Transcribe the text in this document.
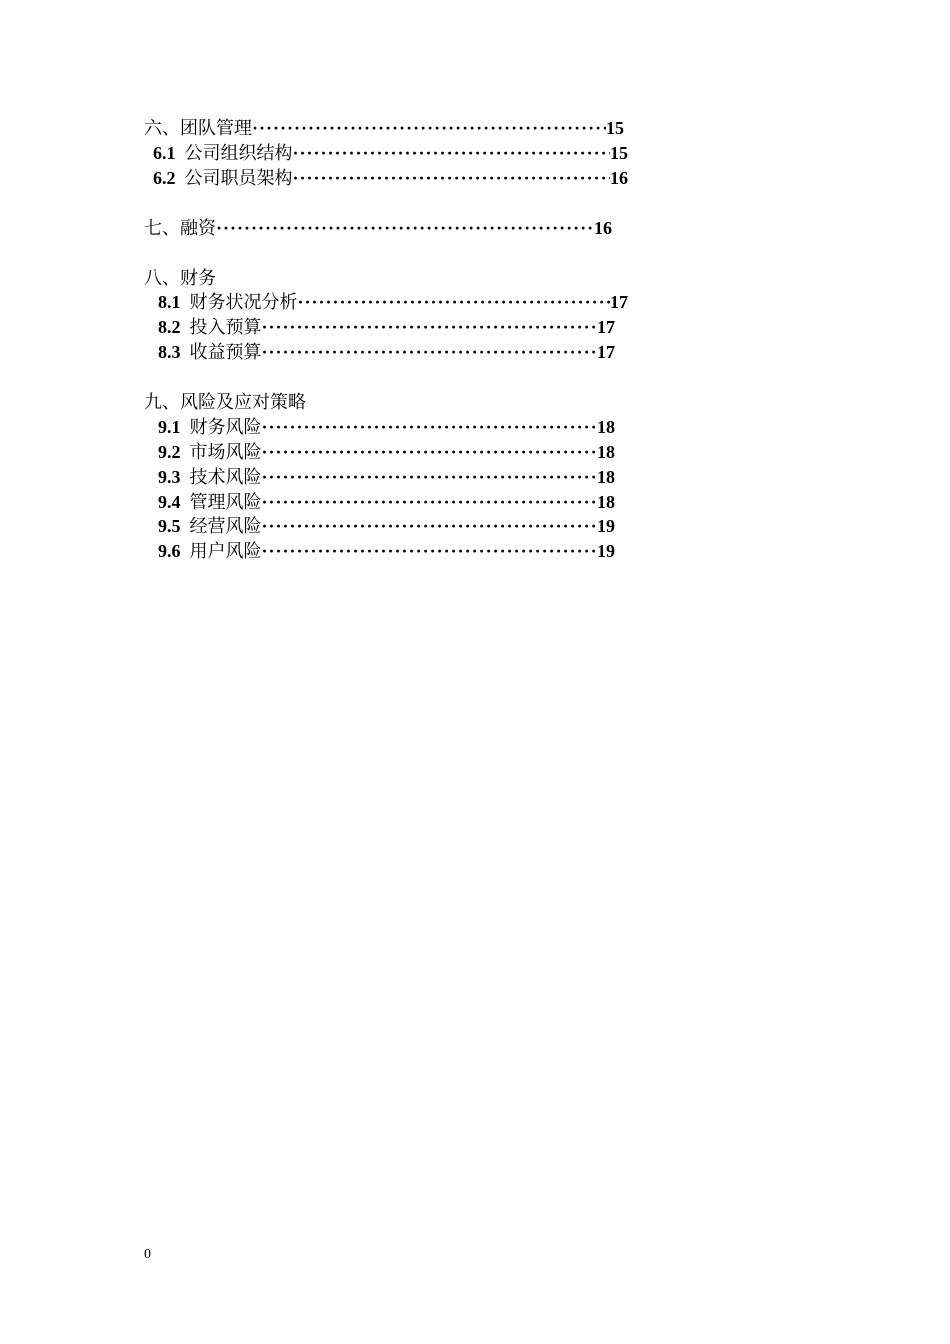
六、团队管理 ·····	15
6.1 公司组织结构 ·····	15
6.2 公司职员架构 ·····	16
七、融资 ·····	16
八、财务
8.1 财务状况分析 ·····	17
8.2 投入预算 ·····	17
8.3 收益预算 ·····	17
九、风险及应对策略
9.1 财务风险 ·····	18
9.2 市场风险 ·····	18
9.3 技术风险 ·····	18
9.4 管理风险 ·····	18
9.5 经营风险 ·····	19
9.6 用户风险 ·····	19
0
